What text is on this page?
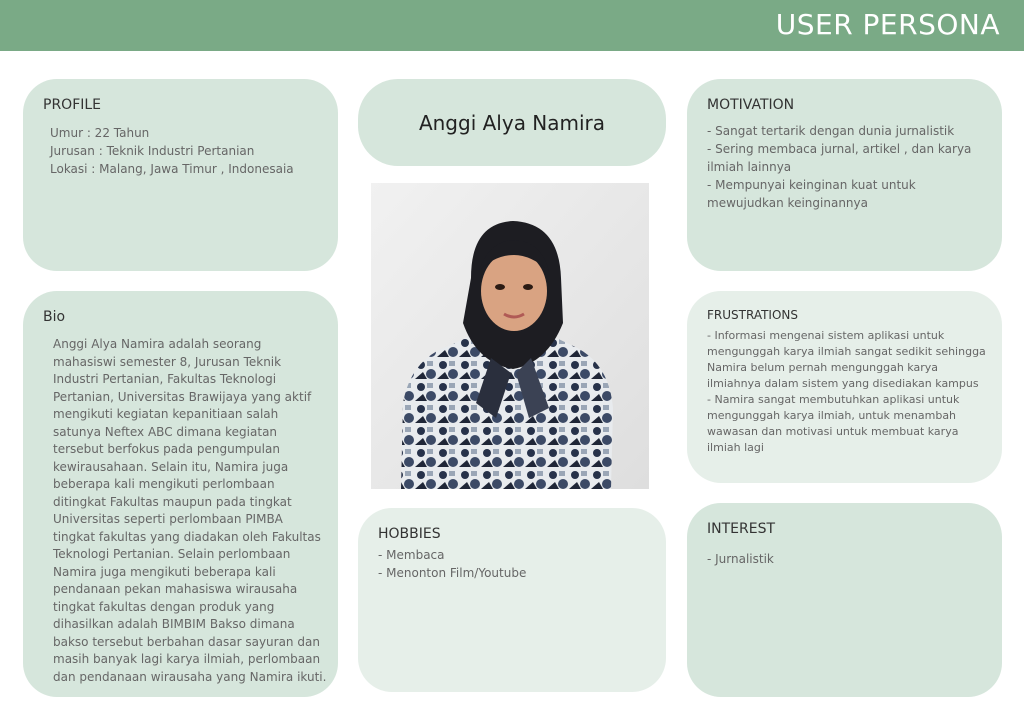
USER PERSONA
PROFILE
Umur : 22 Tahun
Jurusan : Teknik Industri Pertanian
Lokasi : Malang, Jawa Timur , Indonesaia
Bio
Anggi Alya Namira adalah seorang mahasiswi semester 8, Jurusan Teknik Industri Pertanian, Fakultas Teknologi Pertanian, Universitas Brawijaya yang aktif mengikuti kegiatan kepanitiaan salah satunya Neftex ABC dimana kegiatan tersebut berfokus pada pengumpulan kewirausahaan. Selain itu, Namira juga beberapa kali mengikuti perlombaan ditingkat Fakultas maupun pada tingkat Universitas seperti perlombaan PIMBA tingkat fakultas yang diadakan oleh Fakultas Teknologi Pertanian. Selain perlombaan Namira juga mengikuti beberapa kali pendanaan pekan mahasiswa wirausaha tingkat fakultas dengan produk yang dihasilkan adalah BIMBIM Bakso dimana bakso tersebut berbahan dasar sayuran dan masih banyak lagi karya ilmiah, perlombaan dan pendanaan wirausaha yang Namira ikuti.
Anggi Alya Namira
HOBBIES
- Membaca
- Menonton Film/Youtube
MOTIVATION
- Sangat tertarik dengan dunia jurnalistik
- Sering membaca jurnal, artikel , dan karya
ilmiah lainnya
- Mempunyai keinginan kuat untuk
mewujudkan keinginannya
FRUSTRATIONS
- Informasi mengenai sistem aplikasi untuk
mengunggah karya ilmiah sangat sedikit sehingga
Namira belum pernah mengunggah karya
ilmiahnya dalam sistem yang disediakan kampus
- Namira sangat membutuhkan aplikasi untuk
mengunggah karya ilmiah, untuk menambah
wawasan dan motivasi untuk membuat karya
ilmiah lagi
INTEREST
- Jurnalistik
